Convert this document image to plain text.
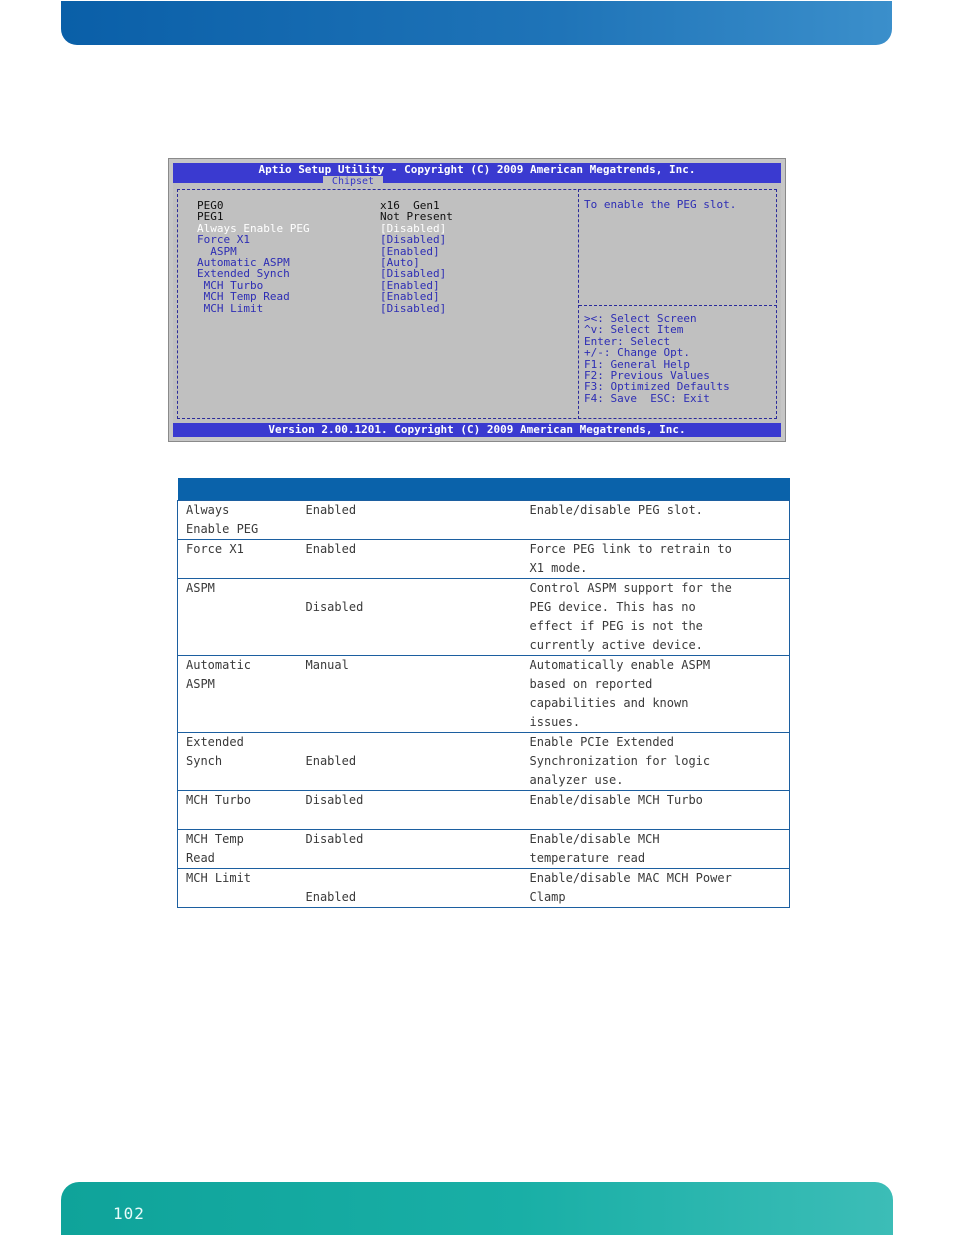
Aptio Setup Utility - Copyright (C) 2009 American Megatrends, Inc.
Chipset
PEG0	x16  Gen1
PEG1	Not Present
Always Enable PEG	[Disabled]
Force X1	[Disabled]
ASPM	[Enabled]
Automatic ASPM	[Auto]
Extended Synch	[Disabled]
MCH Turbo	[Enabled]
MCH Temp Read	[Enabled]
MCH Limit	[Disabled]
To enable the PEG slot.
><: Select Screen
^v: Select Item
Enter: Select
+/-: Change Opt.
F1: General Help
F2: Previous Values
F3: Optimized Defaults
F4: Save  ESC: Exit
Version 2.00.1201. Copyright (C) 2009 American Megatrends, Inc.

Always
Enable PEG	Enabled	Enable/disable PEG slot.

Force X1	Enabled	Force PEG link to retrain to
X1 mode.

ASPM	Disabled	Control ASPM support for the
PEG device. This has no
effect if PEG is not the
currently active device.

Automatic
ASPM	Manual	Automatically enable ASPM
based on reported
capabilities and known
issues.

Extended
Synch	Enabled	Enable PCIe Extended
Synchronization for logic
analyzer use.

MCH Turbo	Disabled	Enable/disable MCH Turbo

MCH Temp
Read	Disabled	Enable/disable MCH
temperature read

MCH Limit	Enabled	Enable/disable MAC MCH Power
Clamp
102
